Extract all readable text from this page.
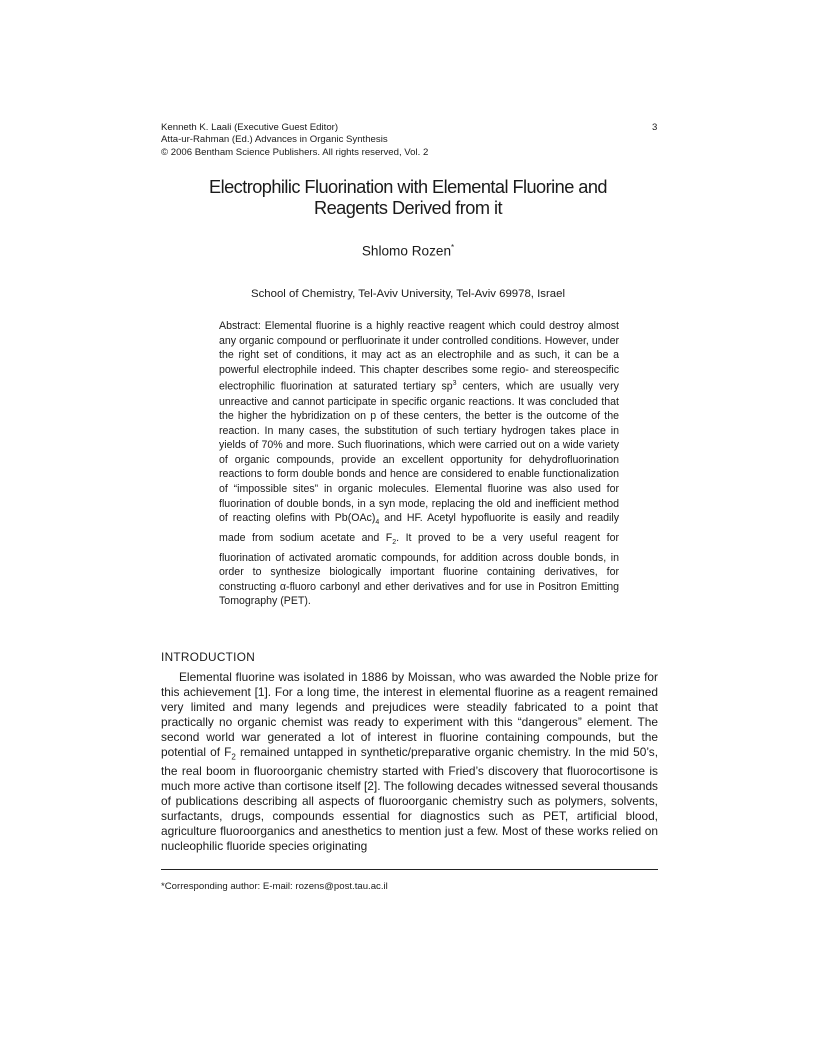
Kenneth K. Laali (Executive Guest Editor)
Atta-ur-Rahman (Ed.) Advances in Organic Synthesis
© 2006 Bentham Science Publishers. All rights reserved, Vol. 2
3
Electrophilic Fluorination with Elemental Fluorine and
Reagents Derived from it
Shlomo Rozen*
School of Chemistry, Tel-Aviv University, Tel-Aviv 69978, Israel
Abstract: Elemental fluorine is a highly reactive reagent which could destroy almost any organic compound or perfluorinate it under controlled conditions. However, under the right set of conditions, it may act as an electrophile and as such, it can be a powerful electrophile indeed. This chapter describes some regio- and stereospecific electrophilic fluorination at saturated tertiary $sp^3$ centers, which are usually very unreactive and cannot participate in specific organic reactions. It was concluded that the higher the hybridization on p of these centers, the better is the outcome of the reaction. In many cases, the substitution of such tertiary hydrogen takes place in yields of 70% and more. Such fluorinations, which were carried out on a wide variety of organic compounds, provide an excellent opportunity for dehydrofluorination reactions to form double bonds and hence are considered to enable functionalization of “impossible sites” in organic molecules. Elemental fluorine was also used for fluorination of double bonds, in a syn mode, replacing the old and inefficient method of reacting olefins with $Pb(OAc)_4$ and HF. Acetyl hypofluorite is easily and readily made from sodium acetate and $F_2$. It proved to be a very useful reagent for fluorination of activated aromatic compounds, for addition across double bonds, in order to synthesize biologically important fluorine containing derivatives, for constructing α-fluoro carbonyl and ether derivatives and for use in Positron Emitting Tomography (PET).
INTRODUCTION
Elemental fluorine was isolated in 1886 by Moissan, who was awarded the Noble prize for this achievement [1]. For a long time, the interest in elemental fluorine as a reagent remained very limited and many legends and prejudices were steadily fabricated to a point that practically no organic chemist was ready to experiment with this “dangerous” element. The second world war generated a lot of interest in fluorine containing compounds, but the potential of $F_2$ remained untapped in synthetic/preparative organic chemistry. In the mid 50’s, the real boom in fluoroorganic chemistry started with Fried’s discovery that fluorocortisone is much more active than cortisone itself [2]. The following decades witnessed several thousands of publications describing all aspects of fluoroorganic chemistry such as polymers, solvents, surfactants, drugs, compounds essential for diagnostics such as PET, artificial blood, agriculture fluoroorganics and anesthetics to mention just a few. Most of these works relied on nucleophilic fluoride species originating
*Corresponding author: E-mail: rozens@post.tau.ac.il
